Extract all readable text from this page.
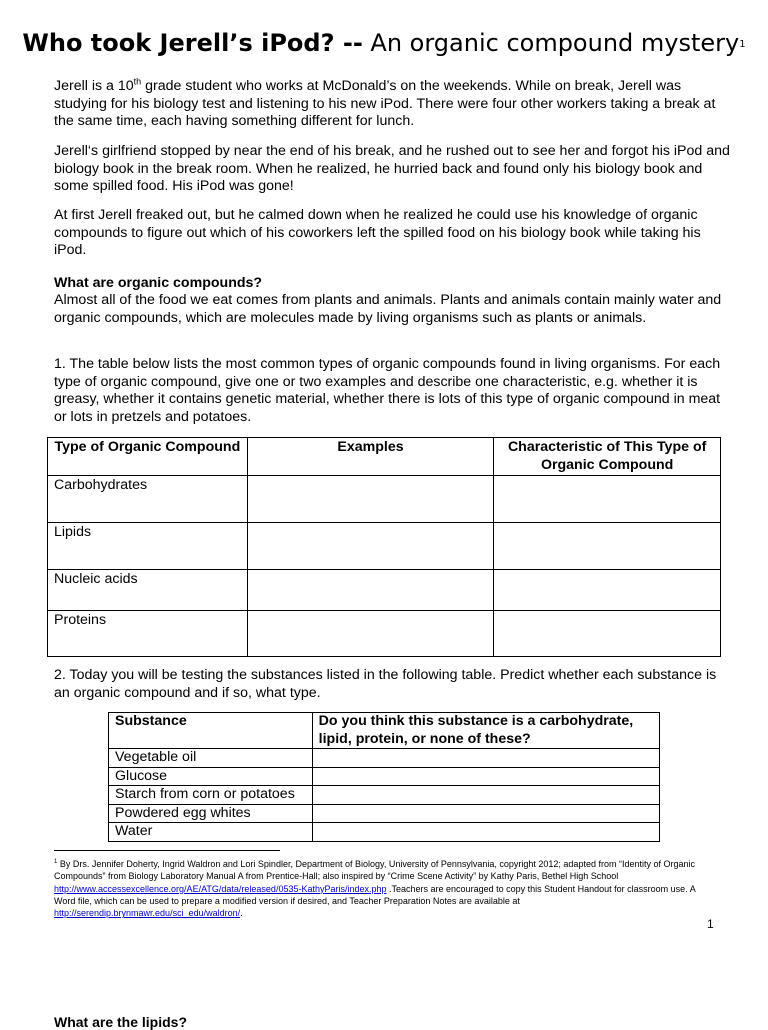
Who took Jerell’s iPod? -- An organic compound mystery$^1$

Jerell is a 10th grade student who works at McDonald’s on the weekends. While on break, Jerell was studying for his biology test and listening to his new iPod. There were four other workers taking a break at the same time, each having something different for lunch.

Jerell‘s girlfriend stopped by near the end of his break, and he rushed out to see her and forgot his iPod and biology book in the break room. When he realized, he hurried back and found only his biology book and some spilled food. His iPod was gone!

At first Jerell freaked out, but he calmed down when he realized he could use his knowledge of organic compounds to figure out which of his coworkers left the spilled food on his biology book while taking his iPod.

What are organic compounds?

Almost all of the food we eat comes from plants and animals. Plants and animals contain mainly water and organic compounds, which are molecules made by living organisms such as plants or animals.

1. The table below lists the most common types of organic compounds found in living organisms. For each type of organic compound, give one or two examples and describe one characteristic, e.g. whether it is greasy, whether it contains genetic material, whether there is lots of this type of organic compound in meat or lots in pretzels and potatoes.

Type of Organic Compound	Examples	Characteristic of This Type of Organic Compound
Carbohydrates		
Lipids		
Nucleic acids		
Proteins		

2. Today you will be testing the substances listed in the following table. Predict whether each substance is an organic compound and if so, what type.

Substance	Do you think this substance is a carbohydrate, lipid, protein, or none of these?
Vegetable oil	
Glucose	
Starch from corn or potatoes	
Powdered egg whites	
Water	
$^1$ By Drs. Jennifer Doherty, Ingrid Waldron and Lori Spindler, Department of Biology, University of Pennsylvania, copyright 2012; adapted from “Identity of Organic Compounds” from Biology Laboratory Manual A from Prentice-Hall; also inspired by “Crime Scene Activity” by Kathy Paris, Bethel High School http://www.accessexcellence.org/AE/ATG/data/released/0535-KathyParis/index.php .Teachers are encouraged to copy this Student Handout for classroom use. A Word file, which can be used to prepare a modified version if desired, and Teacher Preparation Notes are available at http://serendip.brynmawr.edu/sci_edu/waldron/.
1
What are the lipids?
